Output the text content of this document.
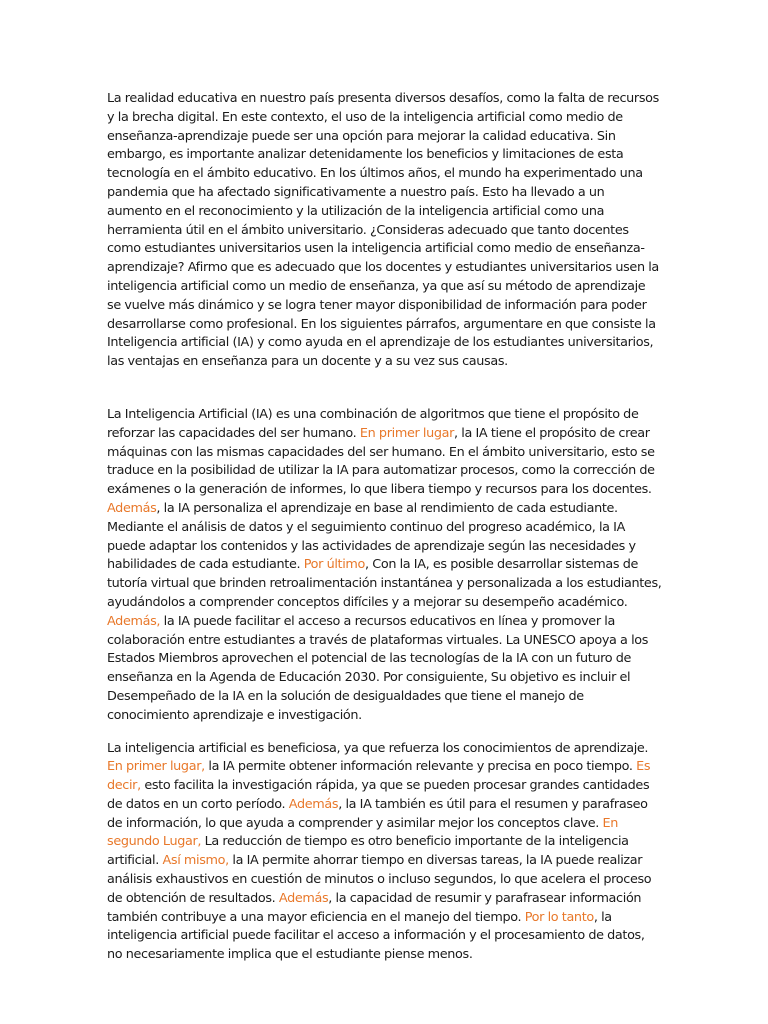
La realidad educativa en nuestro país presenta diversos desafíos, como la falta de recursos y la brecha digital. En este contexto, el uso de la inteligencia artificial como medio de enseñanza-aprendizaje puede ser una opción para mejorar la calidad educativa. Sin embargo, es importante analizar detenidamente los beneficios y limitaciones de esta tecnología en el ámbito educativo. En los últimos años, el mundo ha experimentado una pandemia que ha afectado significativamente a nuestro país. Esto ha llevado a un aumento en el reconocimiento y la utilización de la inteligencia artificial como una herramienta útil en el ámbito universitario. ¿Consideras adecuado que tanto docentes como estudiantes universitarios usen la inteligencia artificial como medio de enseñanza-aprendizaje? Afirmo que es adecuado que los docentes y estudiantes universitarios usen la inteligencia artificial como un medio de enseñanza, ya que así su método de aprendizaje se vuelve más dinámico y se logra tener mayor disponibilidad de información para poder desarrollarse como profesional. En los siguientes párrafos, argumentare en que consiste la Inteligencia artificial (IA) y como ayuda en el aprendizaje de los estudiantes universitarios, las ventajas en enseñanza para un docente y a su vez sus causas.

La Inteligencia Artificial (IA) es una combinación de algoritmos que tiene el propósito de reforzar las capacidades del ser humano. En primer lugar, la IA tiene el propósito de crear máquinas con las mismas capacidades del ser humano. En el ámbito universitario, esto se traduce en la posibilidad de utilizar la IA para automatizar procesos, como la corrección de exámenes o la generación de informes, lo que libera tiempo y recursos para los docentes. Además, la IA personaliza el aprendizaje en base al rendimiento de cada estudiante. Mediante el análisis de datos y el seguimiento continuo del progreso académico, la IA puede adaptar los contenidos y las actividades de aprendizaje según las necesidades y habilidades de cada estudiante. Por último, Con la IA, es posible desarrollar sistemas de tutoría virtual que brinden retroalimentación instantánea y personalizada a los estudiantes, ayudándolos a comprender conceptos difíciles y a mejorar su desempeño académico. Además, la IA puede facilitar el acceso a recursos educativos en línea y promover la colaboración entre estudiantes a través de plataformas virtuales. La UNESCO apoya a los Estados Miembros aprovechen el potencial de las tecnologías de la IA con un futuro de enseñanza en la Agenda de Educación 2030. Por consiguiente, Su objetivo es incluir el Desempeñado de la IA en la solución de desigualdades que tiene el manejo de conocimiento aprendizaje e investigación.

La inteligencia artificial es beneficiosa, ya que refuerza los conocimientos de aprendizaje. En primer lugar, la IA permite obtener información relevante y precisa en poco tiempo. Es decir, esto facilita la investigación rápida, ya que se pueden procesar grandes cantidades de datos en un corto período. Además, la IA también es útil para el resumen y parafraseo de información, lo que ayuda a comprender y asimilar mejor los conceptos clave. En segundo Lugar, La reducción de tiempo es otro beneficio importante de la inteligencia artificial. Así mismo, la IA permite ahorrar tiempo en diversas tareas, la IA puede realizar análisis exhaustivos en cuestión de minutos o incluso segundos, lo que acelera el proceso de obtención de resultados. Además, la capacidad de resumir y parafrasear información también contribuye a una mayor eficiencia en el manejo del tiempo. Por lo tanto, la inteligencia artificial puede facilitar el acceso a información y el procesamiento de datos, no necesariamente implica que el estudiante piense menos.
